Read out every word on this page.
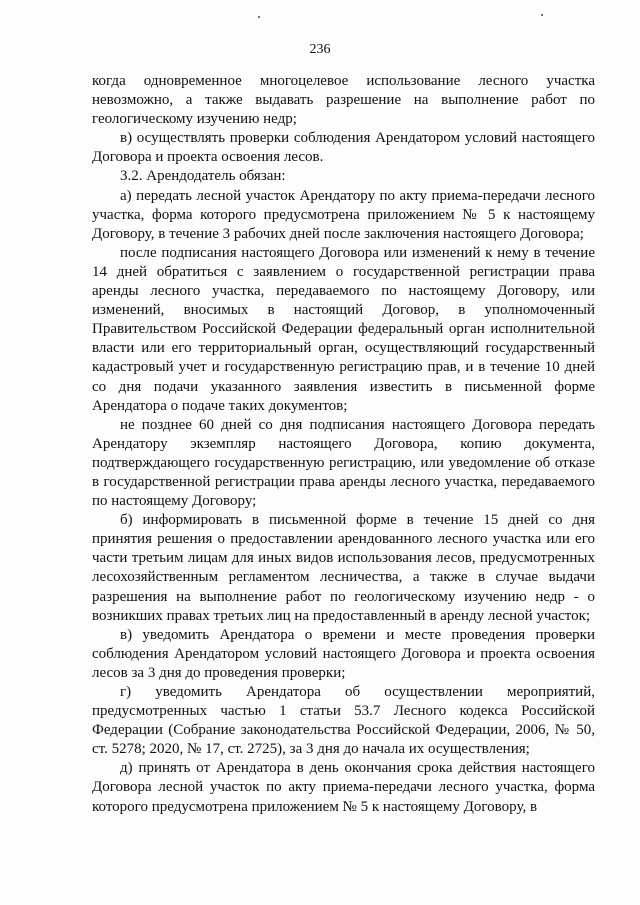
236

когда одновременное многоцелевое использование лесного участка невозможно, а также выдавать разрешение на выполнение работ по геологическому изучению недр;

в) осуществлять проверки соблюдения Арендатором условий настоящего Договора и проекта освоения лесов.

3.2. Арендодатель обязан:

а) передать лесной участок Арендатору по акту приема-передачи лесного участка, форма которого предусмотрена приложением № 5 к настоящему Договору, в течение 3 рабочих дней после заключения настоящего Договора;

после подписания настоящего Договора или изменений к нему в течение 14 дней обратиться с заявлением о государственной регистрации права аренды лесного участка, передаваемого по настоящему Договору, или изменений, вносимых в настоящий Договор, в уполномоченный Правительством Российской Федерации федеральный орган исполнительной власти или его территориальный орган, осуществляющий государственный кадастровый учет и государственную регистрацию прав, и в течение 10 дней со дня подачи указанного заявления известить в письменной форме Арендатора о подаче таких документов;

не позднее 60 дней со дня подписания настоящего Договора передать Арендатору экземпляр настоящего Договора, копию документа, подтверждающего государственную регистрацию, или уведомление об отказе в государственной регистрации права аренды лесного участка, передаваемого по настоящему Договору;

б) информировать в письменной форме в течение 15 дней со дня принятия решения о предоставлении арендованного лесного участка или его части третьим лицам для иных видов использования лесов, предусмотренных лесохозяйственным регламентом лесничества, а также в случае выдачи разрешения на выполнение работ по геологическому изучению недр - о возникших правах третьих лиц на предоставленный в аренду лесной участок;

в) уведомить Арендатора о времени и месте проведения проверки соблюдения Арендатором условий настоящего Договора и проекта освоения лесов за 3 дня до проведения проверки;

г) уведомить Арендатора об осуществлении мероприятий, предусмотренных частью 1 статьи 53.7 Лесного кодекса Российской Федерации (Собрание законодательства Российской Федерации, 2006, № 50, ст. 5278; 2020, № 17, ст. 2725), за 3 дня до начала их осуществления;

д) принять от Арендатора в день окончания срока действия настоящего Договора лесной участок по акту приема-передачи лесного участка, форма которого предусмотрена приложением № 5 к настоящему Договору, в
